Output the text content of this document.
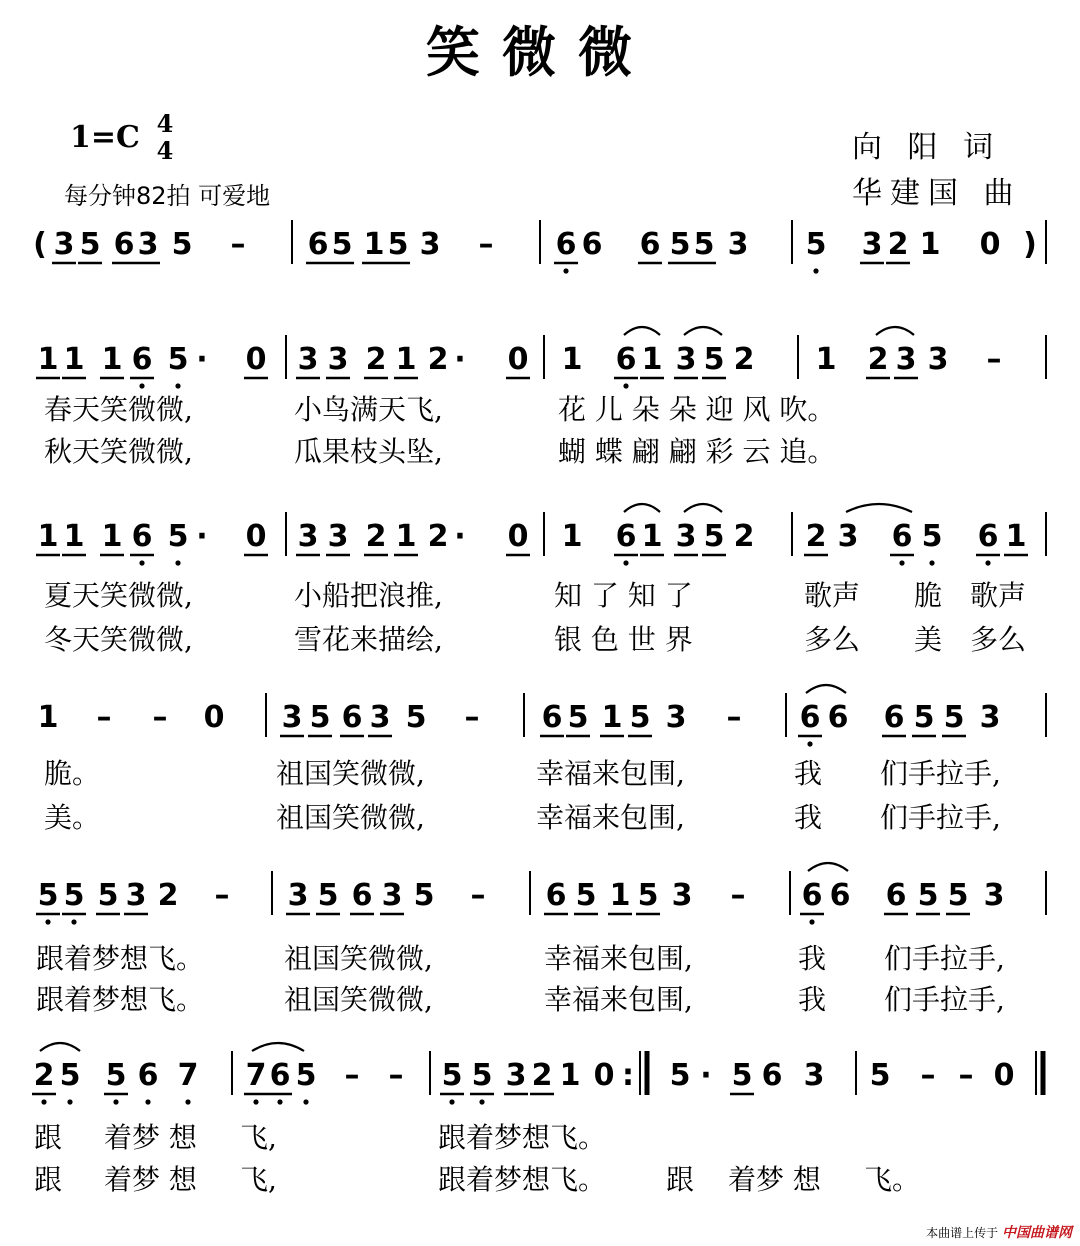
笑微微
1=C 4
4
每分钟82拍 可爱地
向 阳 词
华建国 曲
( 3 5 6 3 5 – 6 5 1 5 3 – 6 6 6 5 5 3 5 3 2 1 0 )
1 1 1 6 5 · 0 3 3 2 1 2 · 0 1 6 1 3 5 2 1 2 3 3 –
1 1 1 6 5 · 0 3 3 2 1 2 · 0 1 6 1 3 5 2 2 3 6 5 6 1
1 – – 0 3 5 6 3 5 – 6 5 1 5 3 – 6 6 6 5 5 3
5 5 5 3 2 – 3 5 6 3 5 – 6 5 1 5 3 – 6 6 6 5 5 3
2 5 5 6 7 7 6 5 – – 5 5 3 2 1 0 : 5 · 5 6 3 5 – – 0
春天笑微微,	小鸟满天飞,	花 儿 朵 朵 迎 风 吹。
秋天笑微微,	瓜果枝头坠,	蝴 蝶 翩 翩 彩 云 追。
夏天笑微微,	小船把浪推,	知 了 知 了	歌声 脆 歌声
冬天笑微微,	雪花来描绘,	银 色 世 界	多么 美 多么
脆。	祖国笑微微,	幸福来包围,	我 们手拉手,
美。	祖国笑微微,	幸福来包围,	我 们手拉手,
跟着梦想飞。	祖国笑微微,	幸福来包围,	我 们手拉手,
跟着梦想飞。	祖国笑微微,	幸福来包围,	我 们手拉手,
跟 着梦 想 飞,	跟着梦想飞。
跟 着梦 想 飞,	跟着梦想飞。 跟 着梦 想 飞。
本曲谱上传于 中国曲谱网
